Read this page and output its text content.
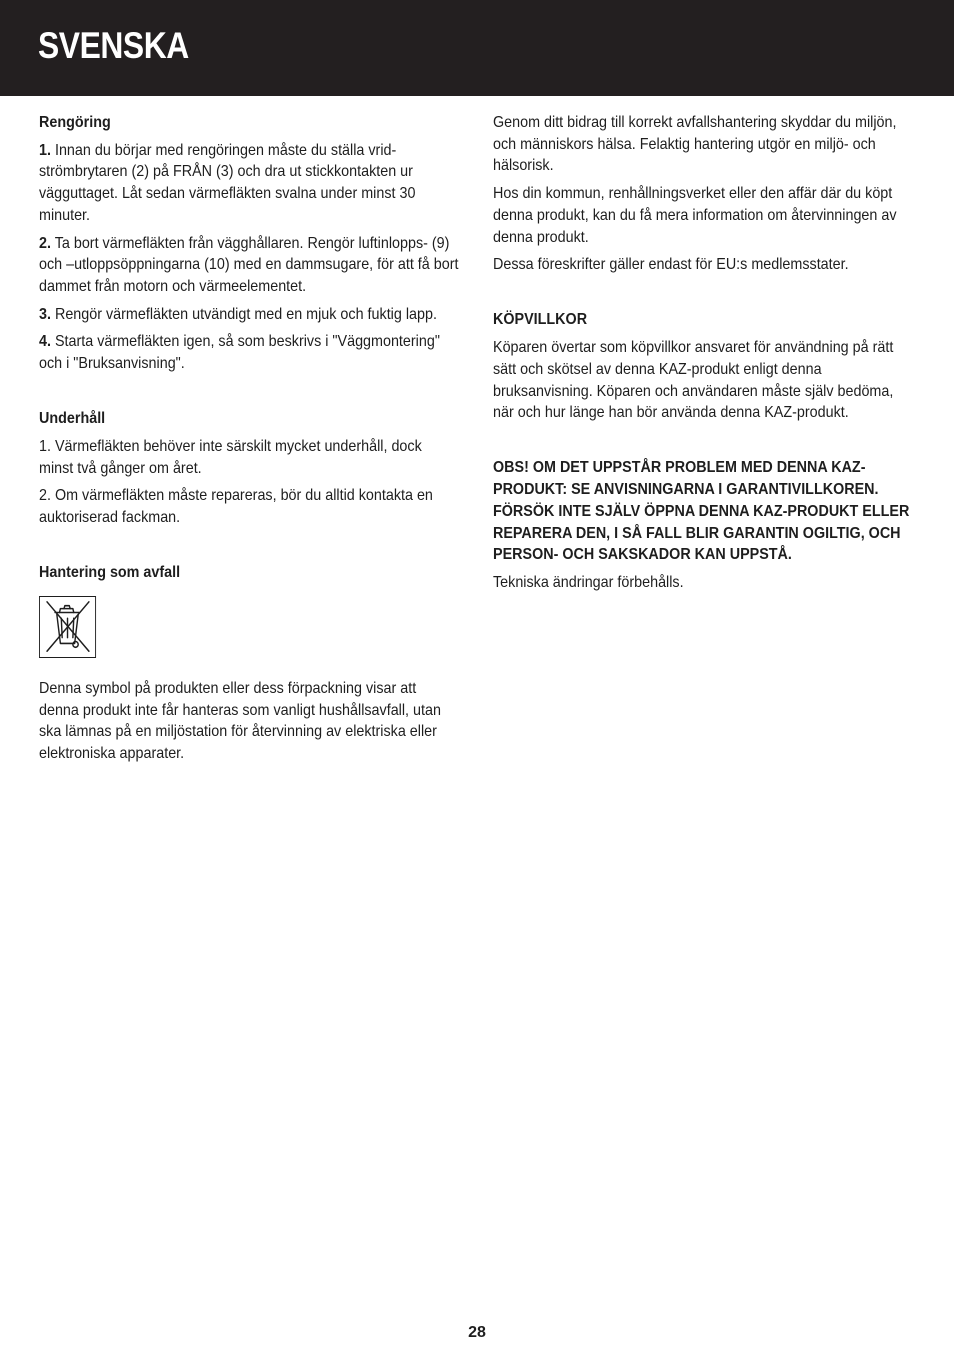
SVENSKA
Rengöring

1. Innan du börjar med rengöringen måste du ställa vridströmbrytaren (2) på FRÅN (3) och dra ut stickkontakten ur vägguttaget. Låt sedan värmefläkten svalna under minst 30 minuter.

2. Ta bort värmefläkten från vägghållaren. Rengör luftinlopps- (9) och –utloppsöppningarna (10) med en dammsugare, för att få bort dammet från motorn och värmeelementet.

3. Rengör värmefläkten utvändigt med en mjuk och fuktig lapp.

4. Starta värmefläkten igen, så som beskrivs i "Väggmontering" och i "Bruksanvisning".

Underhåll

1. Värmefläkten behöver inte särskilt mycket underhåll, dock minst två gånger om året.

2. Om värmefläkten måste repareras, bör du alltid kontakta en auktoriserad fackman.

Hantering som avfall

Denna symbol på produkten eller dess förpackning visar att denna produkt inte får hanteras som vanligt hushållsavfall, utan ska lämnas på en miljöstation för återvinning av elektriska eller elektroniska apparater.

Genom ditt bidrag till korrekt avfallshantering skyddar du miljön, och människors hälsa. Felaktig hantering utgör en miljö- och hälsorisk.

Hos din kommun, renhållningsverket eller den affär där du köpt denna produkt, kan du få mera information om återvinningen av denna produkt.

Dessa föreskrifter gäller endast för EU:s medlemsstater.

KÖPVILLKOR

Köparen övertar som köpvillkor ansvaret för användning på rätt sätt och skötsel av denna KAZ-produkt enligt denna bruksanvisning. Köparen och användaren måste själv bedöma, när och hur länge han bör använda denna KAZ-produkt.

OBS! OM DET UPPSTÅR PROBLEM MED DENNA KAZ-PRODUKT: SE ANVISNINGARNA I GARANTIVILLKOREN. FÖRSÖK INTE SJÄLV ÖPPNA DENNA KAZ-PRODUKT ELLER REPARERA DEN, I SÅ FALL BLIR GARANTIN OGILTIG, OCH PERSON- OCH SAKSKADOR KAN UPPSTÅ.

Tekniska ändringar förbehålls.

28
